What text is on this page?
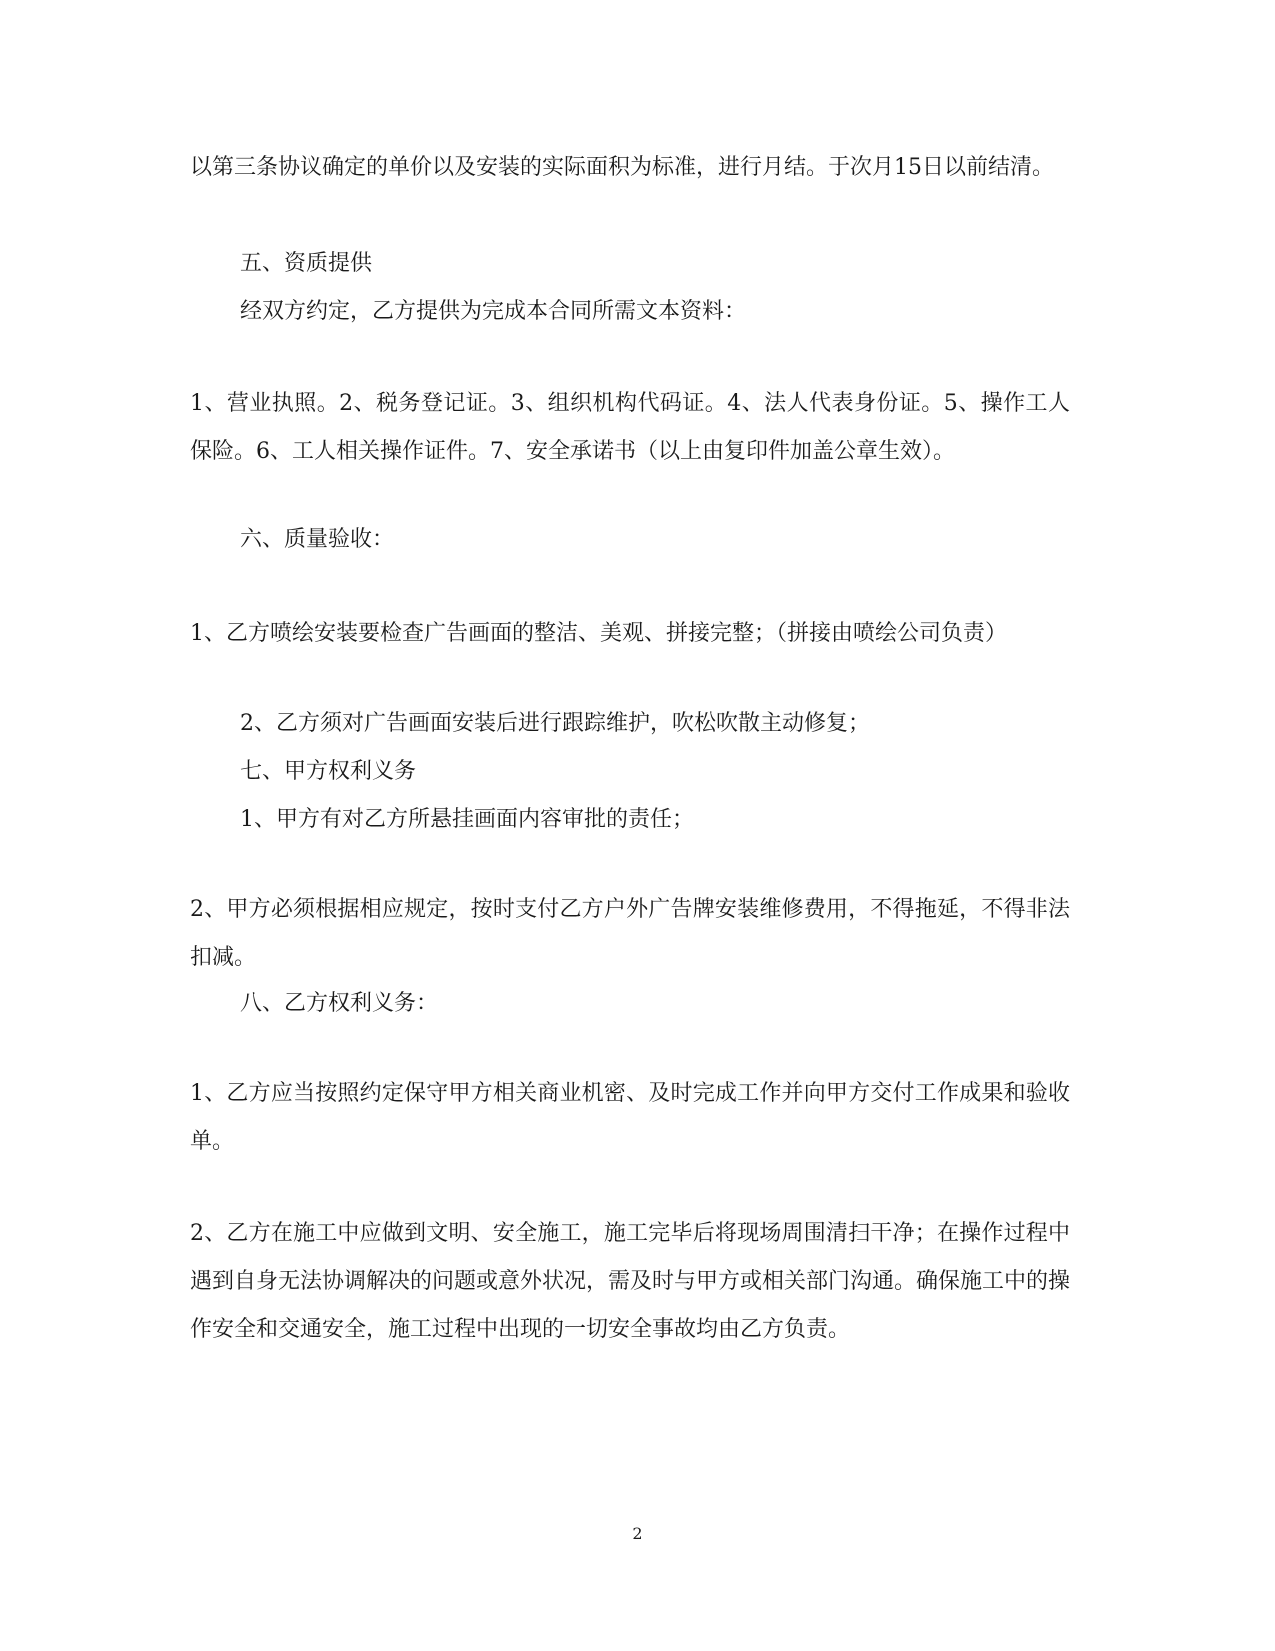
以第三条协议确定的单价以及安装的实际面积为标准，进行月结。于次月15日以前结清。
五、资质提供
经双方约定，乙方提供为完成本合同所需文本资料：
1、营业执照。2、税务登记证。3、组织机构代码证。4、法人代表身份证。5、操作工人保险。6、工人相关操作证件。7、安全承诺书（以上由复印件加盖公章生效）。
六、质量验收：
1、乙方喷绘安装要检查广告画面的整洁、美观、拼接完整；（拼接由喷绘公司负责）
2、乙方须对广告画面安装后进行跟踪维护，吹松吹散主动修复；
七、甲方权利义务
1、甲方有对乙方所悬挂画面内容审批的责任；
2、甲方必须根据相应规定，按时支付乙方户外广告牌安装维修费用，不得拖延，不得非法扣减。
八、乙方权利义务：
1、乙方应当按照约定保守甲方相关商业机密、及时完成工作并向甲方交付工作成果和验收单。
2、乙方在施工中应做到文明、安全施工，施工完毕后将现场周围清扫干净；在操作过程中遇到自身无法协调解决的问题或意外状况，需及时与甲方或相关部门沟通。确保施工中的操作安全和交通安全，施工过程中出现的一切安全事故均由乙方负责。
2
